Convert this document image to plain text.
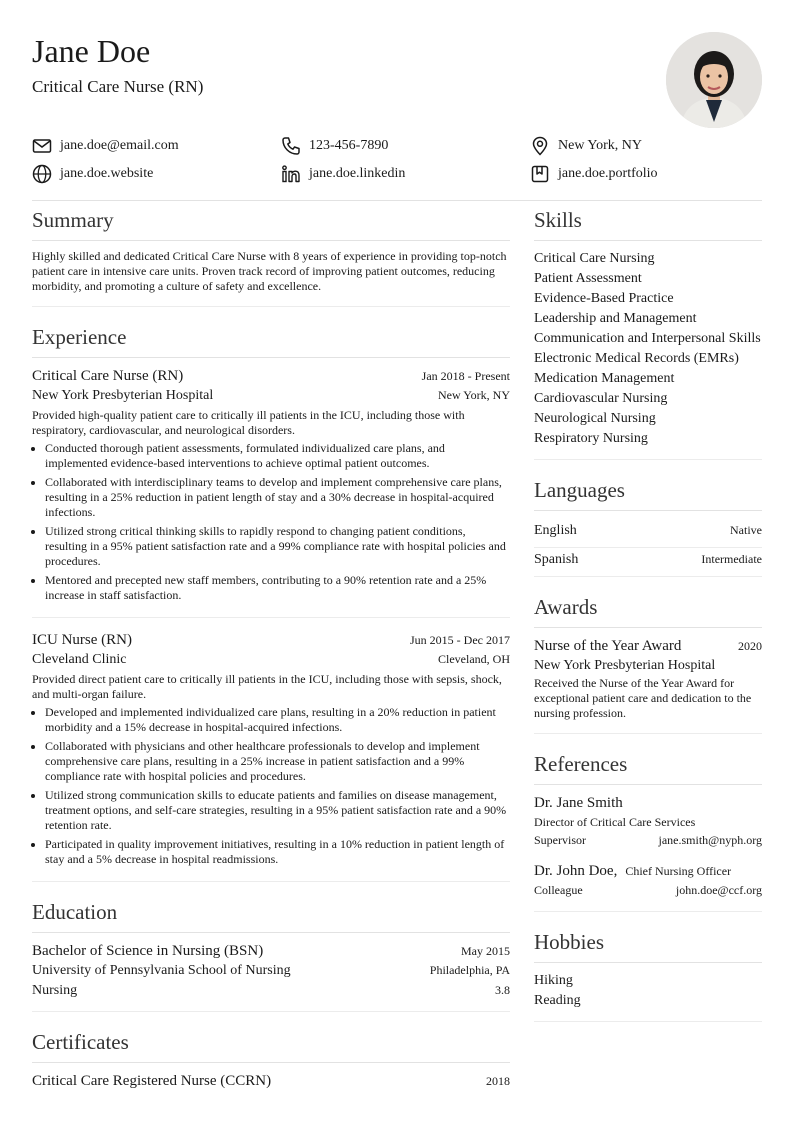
Jane Doe
Critical Care Nurse (RN)
jane.doe@email.com	123-456-7890	New York, NY
jane.doe.website	jane.doe.linkedin	jane.doe.portfolio
Summary
Highly skilled and dedicated Critical Care Nurse with 8 years of experience in providing top-notch patient care in intensive care units. Proven track record of improving patient outcomes, reducing morbidity, and promoting a culture of safety and excellence.
Experience
Critical Care Nurse (RN)	Jan 2018 - Present
New York Presbyterian Hospital	New York, NY
Provided high-quality patient care to critically ill patients in the ICU, including those with respiratory, cardiovascular, and neurological disorders.
• Conducted thorough patient assessments, formulated individualized care plans, and implemented evidence-based interventions to achieve optimal patient outcomes.
• Collaborated with interdisciplinary teams to develop and implement comprehensive care plans, resulting in a 25% reduction in patient length of stay and a 30% decrease in hospital-acquired infections.
• Utilized strong critical thinking skills to rapidly respond to changing patient conditions, resulting in a 95% patient satisfaction rate and a 99% compliance rate with hospital policies and procedures.
• Mentored and precepted new staff members, contributing to a 90% retention rate and a 25% increase in staff satisfaction.
ICU Nurse (RN)	Jun 2015 - Dec 2017
Cleveland Clinic	Cleveland, OH
Provided direct patient care to critically ill patients in the ICU, including those with sepsis, shock, and multi-organ failure.
• Developed and implemented individualized care plans, resulting in a 20% reduction in patient morbidity and a 15% decrease in hospital-acquired infections.
• Collaborated with physicians and other healthcare professionals to develop and implement comprehensive care plans, resulting in a 25% increase in patient satisfaction and a 99% compliance rate with hospital policies and procedures.
• Utilized strong communication skills to educate patients and families on disease management, treatment options, and self-care strategies, resulting in a 95% patient satisfaction rate and a 90% retention rate.
• Participated in quality improvement initiatives, resulting in a 10% reduction in patient length of stay and a 5% decrease in hospital readmissions.
Education
Bachelor of Science in Nursing (BSN)	May 2015
University of Pennsylvania School of Nursing	Philadelphia, PA
Nursing	3.8
Certificates
Critical Care Registered Nurse (CCRN)	2018
Skills
Critical Care Nursing
Patient Assessment
Evidence-Based Practice
Leadership and Management
Communication and Interpersonal Skills
Electronic Medical Records (EMRs)
Medication Management
Cardiovascular Nursing
Neurological Nursing
Respiratory Nursing
Languages
English	Native
Spanish	Intermediate
Awards
Nurse of the Year Award	2020
New York Presbyterian Hospital
Received the Nurse of the Year Award for exceptional patient care and dedication to the nursing profession.
References
Dr. Jane Smith
Director of Critical Care Services
Supervisor	jane.smith@nyph.org
Dr. John Doe, Chief Nursing Officer
Colleague	john.doe@ccf.org
Hobbies
Hiking
Reading
